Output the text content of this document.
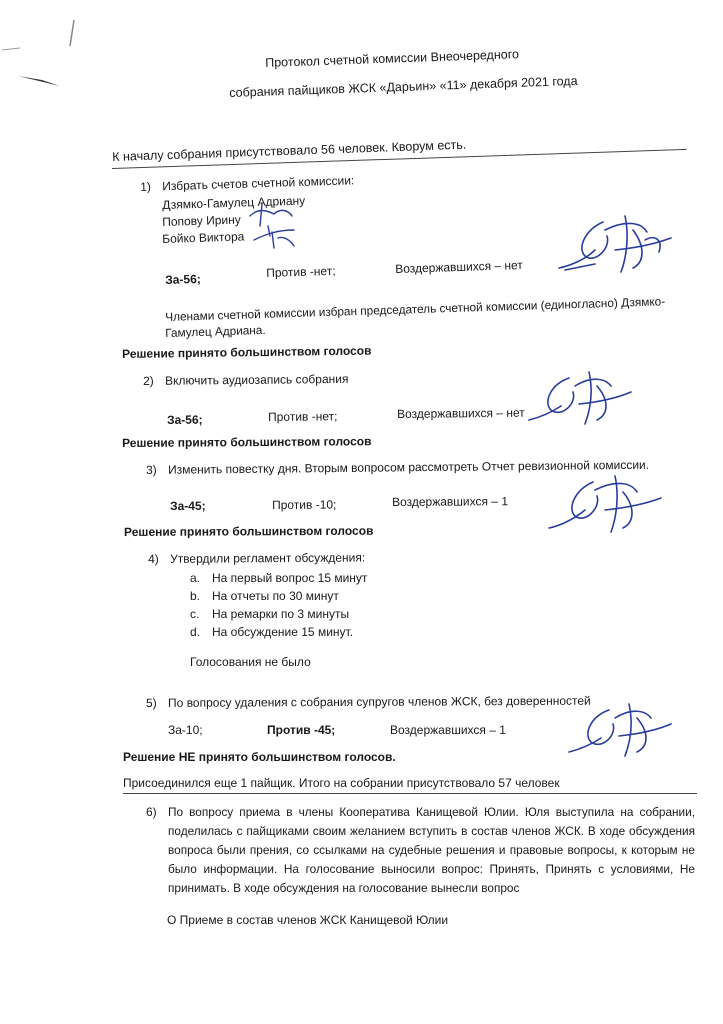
Протокол счетной комиссии Внеочередного
собрания пайщиков ЖСК «Дарьин» «11» декабря 2021 года
К началу собрания присутствовало 56 человек. Кворум есть.
1) Избрать счетов счетной комиссии:
Дзямко-Гамулец Адриану
Попову Ирину
Бойко Викторa
За-56;	Против -нет;	Воздержавшихся – нет
Членами счетной комиссии избран председатель счетной комиссии (единогласно) Дзямко-
Гамулец Адриана.
Решение принято большинством голосов
2) Включить аудиозапись собрания
За-56;	Против -нет;	Воздержавшихся – нет
Решение принято большинством голосов
3) Изменить повестку дня. Вторым вопросом рассмотреть Отчет ревизионной комиссии.
За-45;	Против -10;	Воздержавшихся – 1
Решение принято большинством голосов
4) Утвердили регламент обсуждения:
a. На первый вопрос 15 минут
b. На отчеты по 30 минут
c. На ремарки по 3 минуты
d. На обсуждение 15 минут.
Голосования не было
5) По вопросу удаления с собрания супругов членов ЖСК, без доверенностей
За-10;	Против -45;	Воздержавшихся – 1
Решение НЕ принято большинством голосов.
Присоединился еще 1 пайщик. Итого на собрании присутствовало 57 человек
6) По вопросу приема в члены Кооператива Канищевой Юлии. Юля выступила на собрании, поделилась с пайщиками своим желанием вступить в состав членов ЖСК. В ходе обсуждения вопроса были прения, со ссылками на судебные решения и правовые вопросы, к которым не было информации. На голосование выносили вопрос: Принять, Принять с условиями, Не принимать. В ходе обсуждения на голосование вынесли вопрос
О Приеме в состав членов ЖСК Канищевой Юлии
